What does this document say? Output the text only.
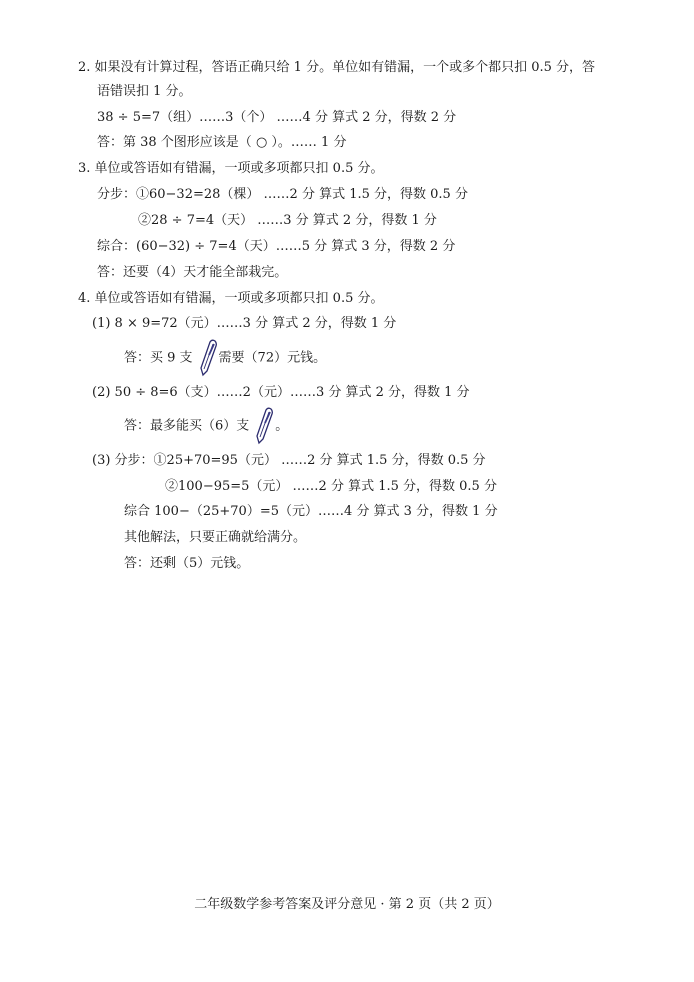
2. 如果没有计算过程，答语正确只给 1 分。单位如有错漏，一个或多个都只扣 0.5 分，答
语错误扣 1 分。
38 ÷ 5=7（组）……3（个） ……4 分 算式 2 分，得数 2 分
答：第 38 个图形应该是（ ○ ）。…… 1 分
3. 单位或答语如有错漏，一项或多项都只扣 0.5 分。
分步：①60−32=28（棵） ……2 分 算式 1.5 分，得数 0.5 分
②28 ÷ 7=4（天） ……3 分 算式 2 分，得数 1 分
综合：(60−32) ÷ 7=4（天）……5 分 算式 3 分，得数 2 分
答：还要（4）天才能全部栽完。
4. 单位或答语如有错漏，一项或多项都只扣 0.5 分。
(1) 8 × 9=72（元）……3 分 算式 2 分，得数 1 分
答：买 9 支 需要（72）元钱。
(2) 50 ÷ 8=6（支）……2（元）……3 分 算式 2 分，得数 1 分
答：最多能买（6）支 。
(3) 分步：①25+70=95（元） ……2 分 算式 1.5 分，得数 0.5 分
②100−95=5（元） ……2 分 算式 1.5 分，得数 0.5 分
综合 100−（25+70）=5（元）……4 分 算式 3 分，得数 1 分
其他解法，只要正确就给满分。
答：还剩（5）元钱。
二年级数学参考答案及评分意见 · 第 2 页（共 2 页）
